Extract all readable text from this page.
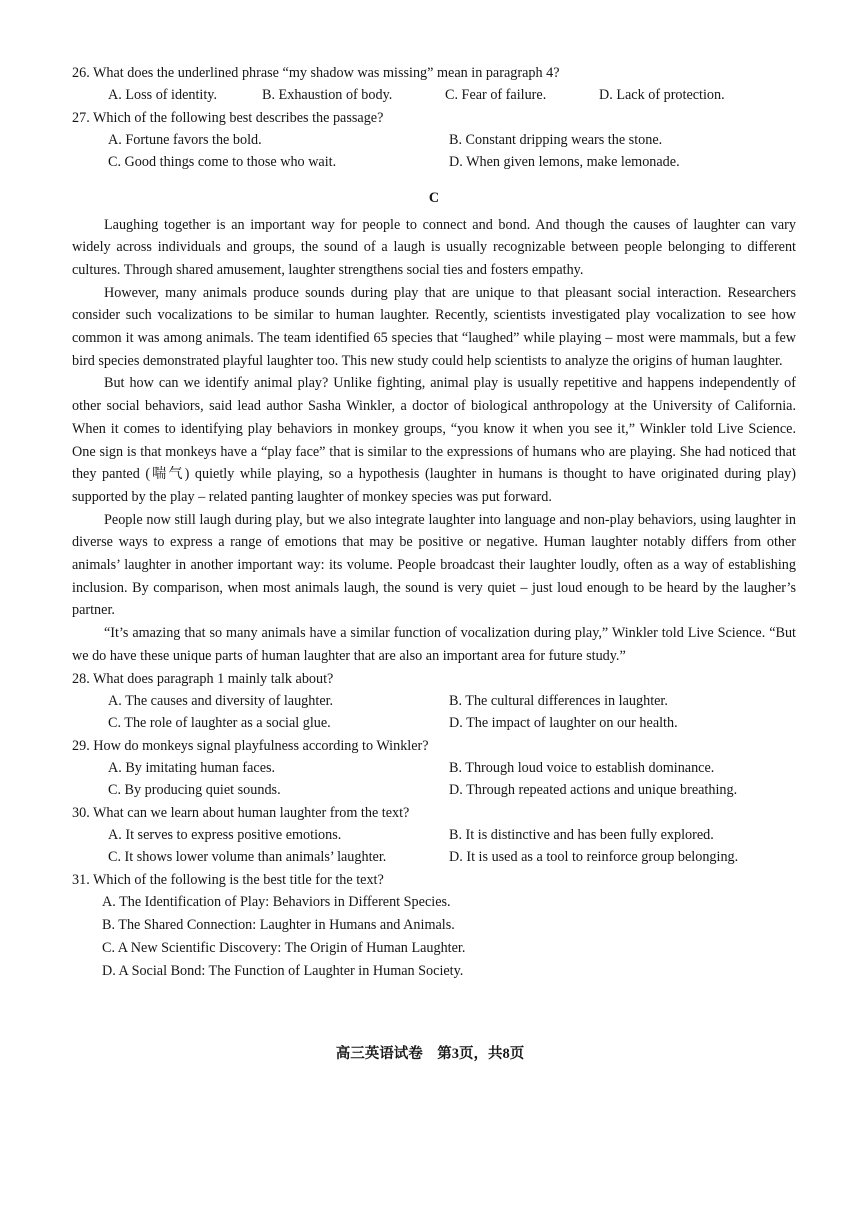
26. What does the underlined phrase “my shadow was missing” mean in paragraph 4?

A. Loss of identity.	B. Exhaustion of body.	C. Fear of failure.	D. Lack of protection.

27. Which of the following best describes the passage?

A. Fortune favors the bold.	B. Constant dripping wears the stone.
C. Good things come to those who wait.	D. When given lemons, make lemonade.
C

Laughing together is an important way for people to connect and bond. And though the causes of laughter can vary widely across individuals and groups, the sound of a laugh is usually recognizable between people belonging to different cultures. Through shared amusement, laughter strengthens social ties and fosters empathy.

However, many animals produce sounds during play that are unique to that pleasant social interaction. Researchers consider such vocalizations to be similar to human laughter. Recently, scientists investigated play vocalization to see how common it was among animals. The team identified 65 species that “laughed” while playing – most were mammals, but a few bird species demonstrated playful laughter too. This new study could help scientists to analyze the origins of human laughter.

But how can we identify animal play? Unlike fighting, animal play is usually repetitive and happens independently of other social behaviors, said lead author Sasha Winkler, a doctor of biological anthropology at the University of California. When it comes to identifying play behaviors in monkey groups, “you know it when you see it,” Winkler told Live Science. One sign is that monkeys have a “play face” that is similar to the expressions of humans who are playing. She had noticed that they panted (喘气) quietly while playing, so a hypothesis (laughter in humans is thought to have originated during play) supported by the play – related panting laughter of monkey species was put forward.

People now still laugh during play, but we also integrate laughter into language and non-play behaviors, using laughter in diverse ways to express a range of emotions that may be positive or negative. Human laughter notably differs from other animals’ laughter in another important way: its volume. People broadcast their laughter loudly, often as a way of establishing inclusion. By comparison, when most animals laugh, the sound is very quiet – just loud enough to be heard by the laugher’s partner.

“It’s amazing that so many animals have a similar function of vocalization during play,” Winkler told Live Science. “But we do have these unique parts of human laughter that are also an important area for future study.”

28. What does paragraph 1 mainly talk about?

A. The causes and diversity of laughter.	B. The cultural differences in laughter.
C. The role of laughter as a social glue.	D. The impact of laughter on our health.

29. How do monkeys signal playfulness according to Winkler?

A. By imitating human faces.	B. Through loud voice to establish dominance.
C. By producing quiet sounds.	D. Through repeated actions and unique breathing.

30. What can we learn about human laughter from the text?

A. It serves to express positive emotions.	B. It is distinctive and has been fully explored.
C. It shows lower volume than animals’ laughter.	D. It is used as a tool to reinforce group belonging.

31. Which of the following is the best title for the text?

A. The Identification of Play: Behaviors in Different Species.
B. The Shared Connection: Laughter in Humans and Animals.
C. A New Scientific Discovery: The Origin of Human Laughter.
D. A Social Bond: The Function of Laughter in Human Society.
高三英语试卷　第3页，共8页
